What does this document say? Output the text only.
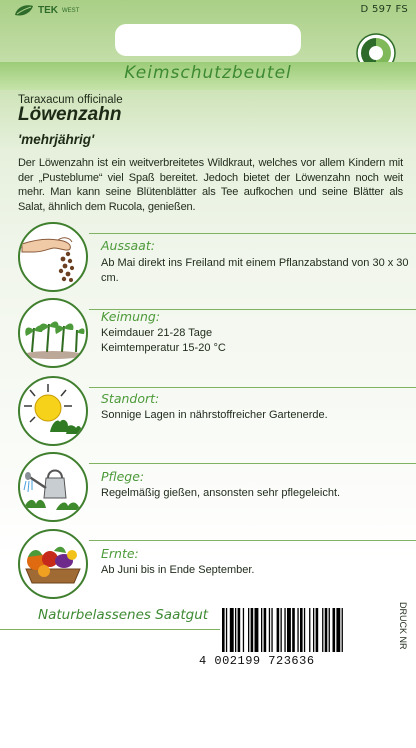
TEK WEST	D 597 FS
Keimschutzbeutel
Taraxacum officinale
Löwenzahn
'mehrjährig'
Der Löwenzahn ist ein weitverbreitetes Wildkraut, welches vor allem Kindern mit der „Pusteblume“ viel Spaß bereitet. Jedoch bietet der Löwenzahn noch weit mehr. Man kann seine Blütenblätter als Tee aufkochen und seine Blätter als Salat, ähnlich dem Rucola, genießen.
Aussaat:
Ab Mai direkt ins Freiland mit einem Pflanzabstand von 30 x 30 cm.
Keimung:
Keimdauer 21-28 Tage
Keimtemperatur 15-20 °C
Standort:
Sonnige Lagen in nährstoffreicher Gartenerde.
Pflege:
Regelmäßig gießen, ansonsten sehr pflegeleicht.
Ernte:
Ab Juni bis in Ende September.
Naturbelassenes Saatgut	DRUCK NR
4 002199 723636
